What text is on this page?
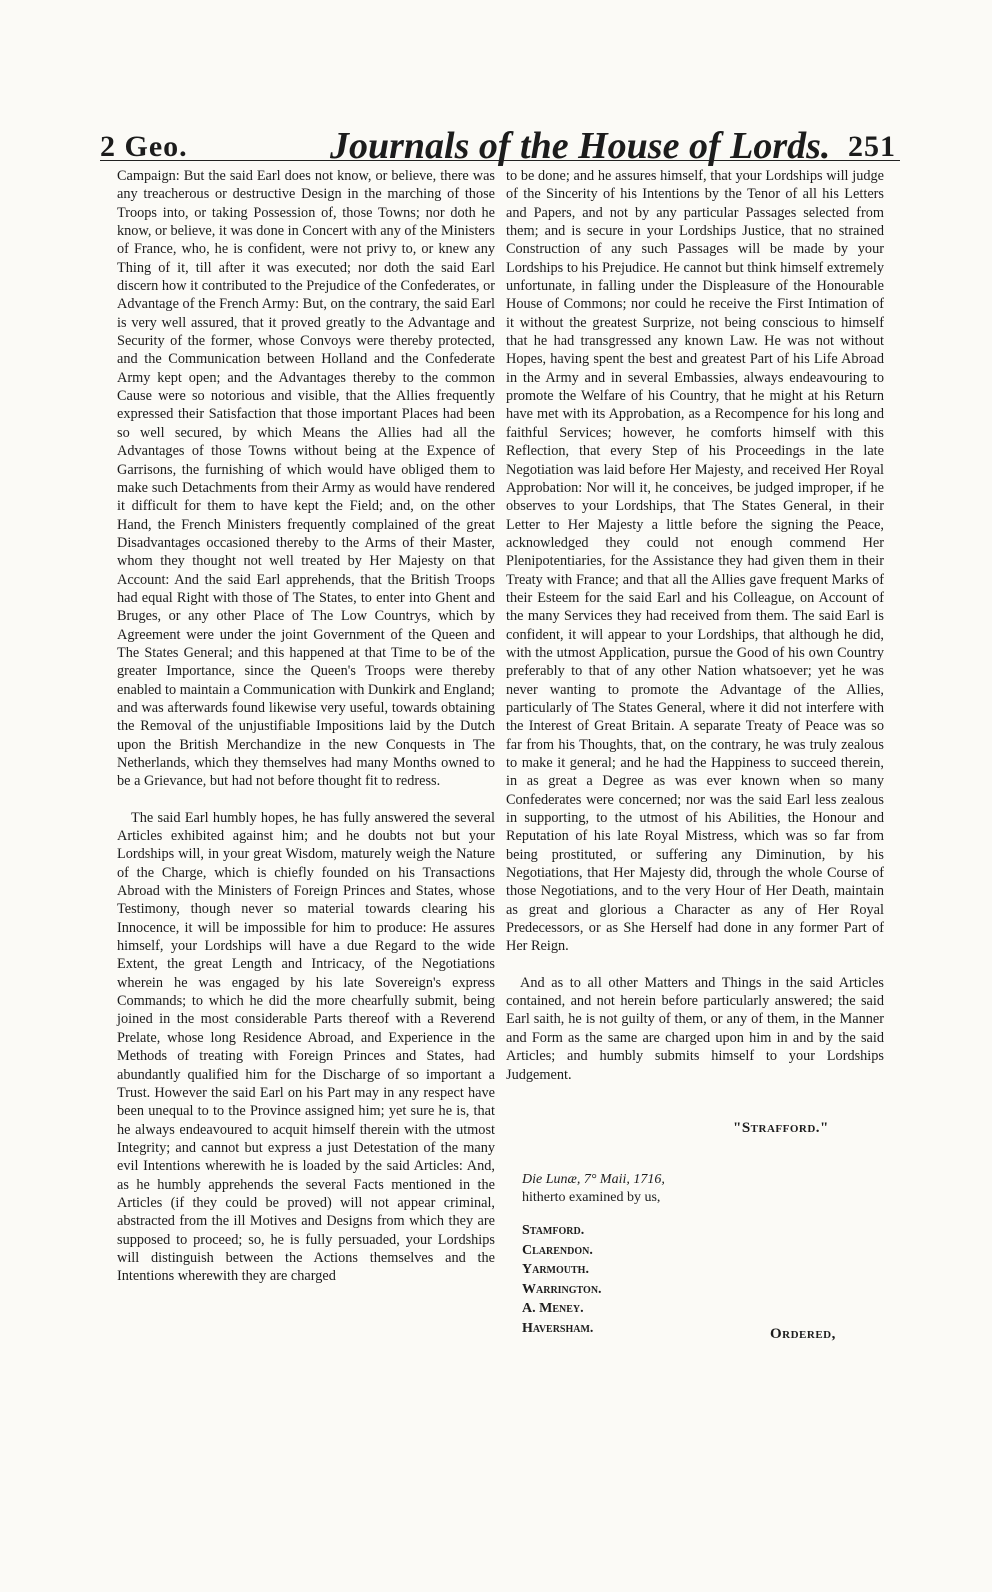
2 Geo.	Journals of the House of Lords. 251

Campaign: But the said Earl does not know, or believe, there was any treacherous or destructive Design in the marching of those Troops into, or taking Possession of, those Towns; nor doth he know, or believe, it was done in Concert with any of the Ministers of France, who, he is confident, were not privy to, or knew any Thing of it, till after it was executed; nor doth the said Earl discern how it contributed to the Prejudice of the Confederates, or Advantage of the French Army: But, on the contrary, the said Earl is very well assured, that it proved greatly to the Advantage and Security of the former, whose Convoys were thereby protected, and the Communication between Holland and the Confederate Army kept open; and the Advantages thereby to the common Cause were so notorious and visible, that the Allies frequently expressed their Satisfaction that those important Places had been so well secured, by which Means the Allies had all the Advantages of those Towns without being at the Expence of Garrisons, the furnishing of which would have obliged them to make such Detachments from their Army as would have rendered it difficult for them to have kept the Field; and, on the other Hand, the French Ministers frequently complained of the great Disadvantages occasioned thereby to the Arms of their Master, whom they thought not well treated by Her Majesty on that Account: And the said Earl apprehends, that the British Troops had equal Right with those of The States, to enter into Ghent and Bruges, or any other Place of The Low Countrys, which by Agreement were under the joint Government of the Queen and The States General; and this happened at that Time to be of the greater Importance, since the Queen's Troops were thereby enabled to maintain a Communication with Dunkirk and England; and was afterwards found likewise very useful, towards obtaining the Removal of the unjustifiable Impositions laid by the Dutch upon the British Merchandize in the new Conquests in The Netherlands, which they themselves had many Months owned to be a Grievance, but had not before thought fit to redress.

The said Earl humbly hopes, he has fully answered the several Articles exhibited against him; and he doubts not but your Lordships will, in your great Wisdom, maturely weigh the Nature of the Charge, which is chiefly founded on his Transactions Abroad with the Ministers of Foreign Princes and States, whose Testimony, though never so material towards clearing his Innocence, it will be impossible for him to produce: He assures himself, your Lordships will have a due Regard to the wide Extent, the great Length and Intricacy, of the Negotiations wherein he was engaged by his late Sovereign's express Commands; to which he did the more chearfully submit, being joined in the most considerable Parts thereof with a Reverend Prelate, whose long Residence Abroad, and Experience in the Methods of treating with Foreign Princes and States, had abundantly qualified him for the Discharge of so important a Trust. However the said Earl on his Part may in any respect have been unequal to to the Province assigned him; yet sure he is, that he always endeavoured to acquit himself therein with the utmost Integrity; and cannot but express a just Detestation of the many evil Intentions wherewith he is loaded by the said Articles: And, as he humbly apprehends the several Facts mentioned in the Articles (if they could be proved) will not appear criminal, abstracted from the ill Motives and Designs from which they are supposed to proceed; so, he is fully persuaded, your Lordships will distinguish between the Actions themselves and the Intentions wherewith they are charged

to be done; and he assures himself, that your Lordships will judge of the Sincerity of his Intentions by the Tenor of all his Letters and Papers, and not by any particular Passages selected from them; and is secure in your Lordships Justice, that no strained Construction of any such Passages will be made by your Lordships to his Prejudice. He cannot but think himself extremely unfortunate, in falling under the Displeasure of the Honourable House of Commons; nor could he receive the First Intimation of it without the greatest Surprize, not being conscious to himself that he had transgressed any known Law. He was not without Hopes, having spent the best and greatest Part of his Life Abroad in the Army and in several Embassies, always endeavouring to promote the Welfare of his Country, that he might at his Return have met with its Approbation, as a Recompence for his long and faithful Services; however, he comforts himself with this Reflection, that every Step of his Proceedings in the late Negotiation was laid before Her Majesty, and received Her Royal Approbation: Nor will it, he conceives, be judged improper, if he observes to your Lordships, that The States General, in their Letter to Her Majesty a little before the signing the Peace, acknowledged they could not enough commend Her Plenipotentiaries, for the Assistance they had given them in their Treaty with France; and that all the Allies gave frequent Marks of their Esteem for the said Earl and his Colleague, on Account of the many Services they had received from them. The said Earl is confident, it will appear to your Lordships, that although he did, with the utmost Application, pursue the Good of his own Country preferably to that of any other Nation whatsoever; yet he was never wanting to promote the Advantage of the Allies, particularly of The States General, where it did not interfere with the Interest of Great Britain. A separate Treaty of Peace was so far from his Thoughts, that, on the contrary, he was truly zealous to make it general; and he had the Happiness to succeed therein, in as great a Degree as was ever known when so many Confederates were concerned; nor was the said Earl less zealous in supporting, to the utmost of his Abilities, the Honour and Reputation of his late Royal Mistress, which was so far from being prostituted, or suffering any Diminution, by his Negotiations, that Her Majesty did, through the whole Course of those Negotiations, and to the very Hour of Her Death, maintain as great and glorious a Character as any of Her Royal Predecessors, or as She Herself had done in any former Part of Her Reign.

And as to all other Matters and Things in the said Articles contained, and not herein before particularly answered; the said Earl saith, he is not guilty of them, or any of them, in the Manner and Form as the same are charged upon him in and by the said Articles; and humbly submits himself to your Lordships Judgement.

"Strafford."
Die Lunæ, 7° Maii, 1716,
hitherto examined by us,
Stamford.
Clarendon.
Yarmouth.
Warrington.
A. Meney.
Haversham.	Ordered,
